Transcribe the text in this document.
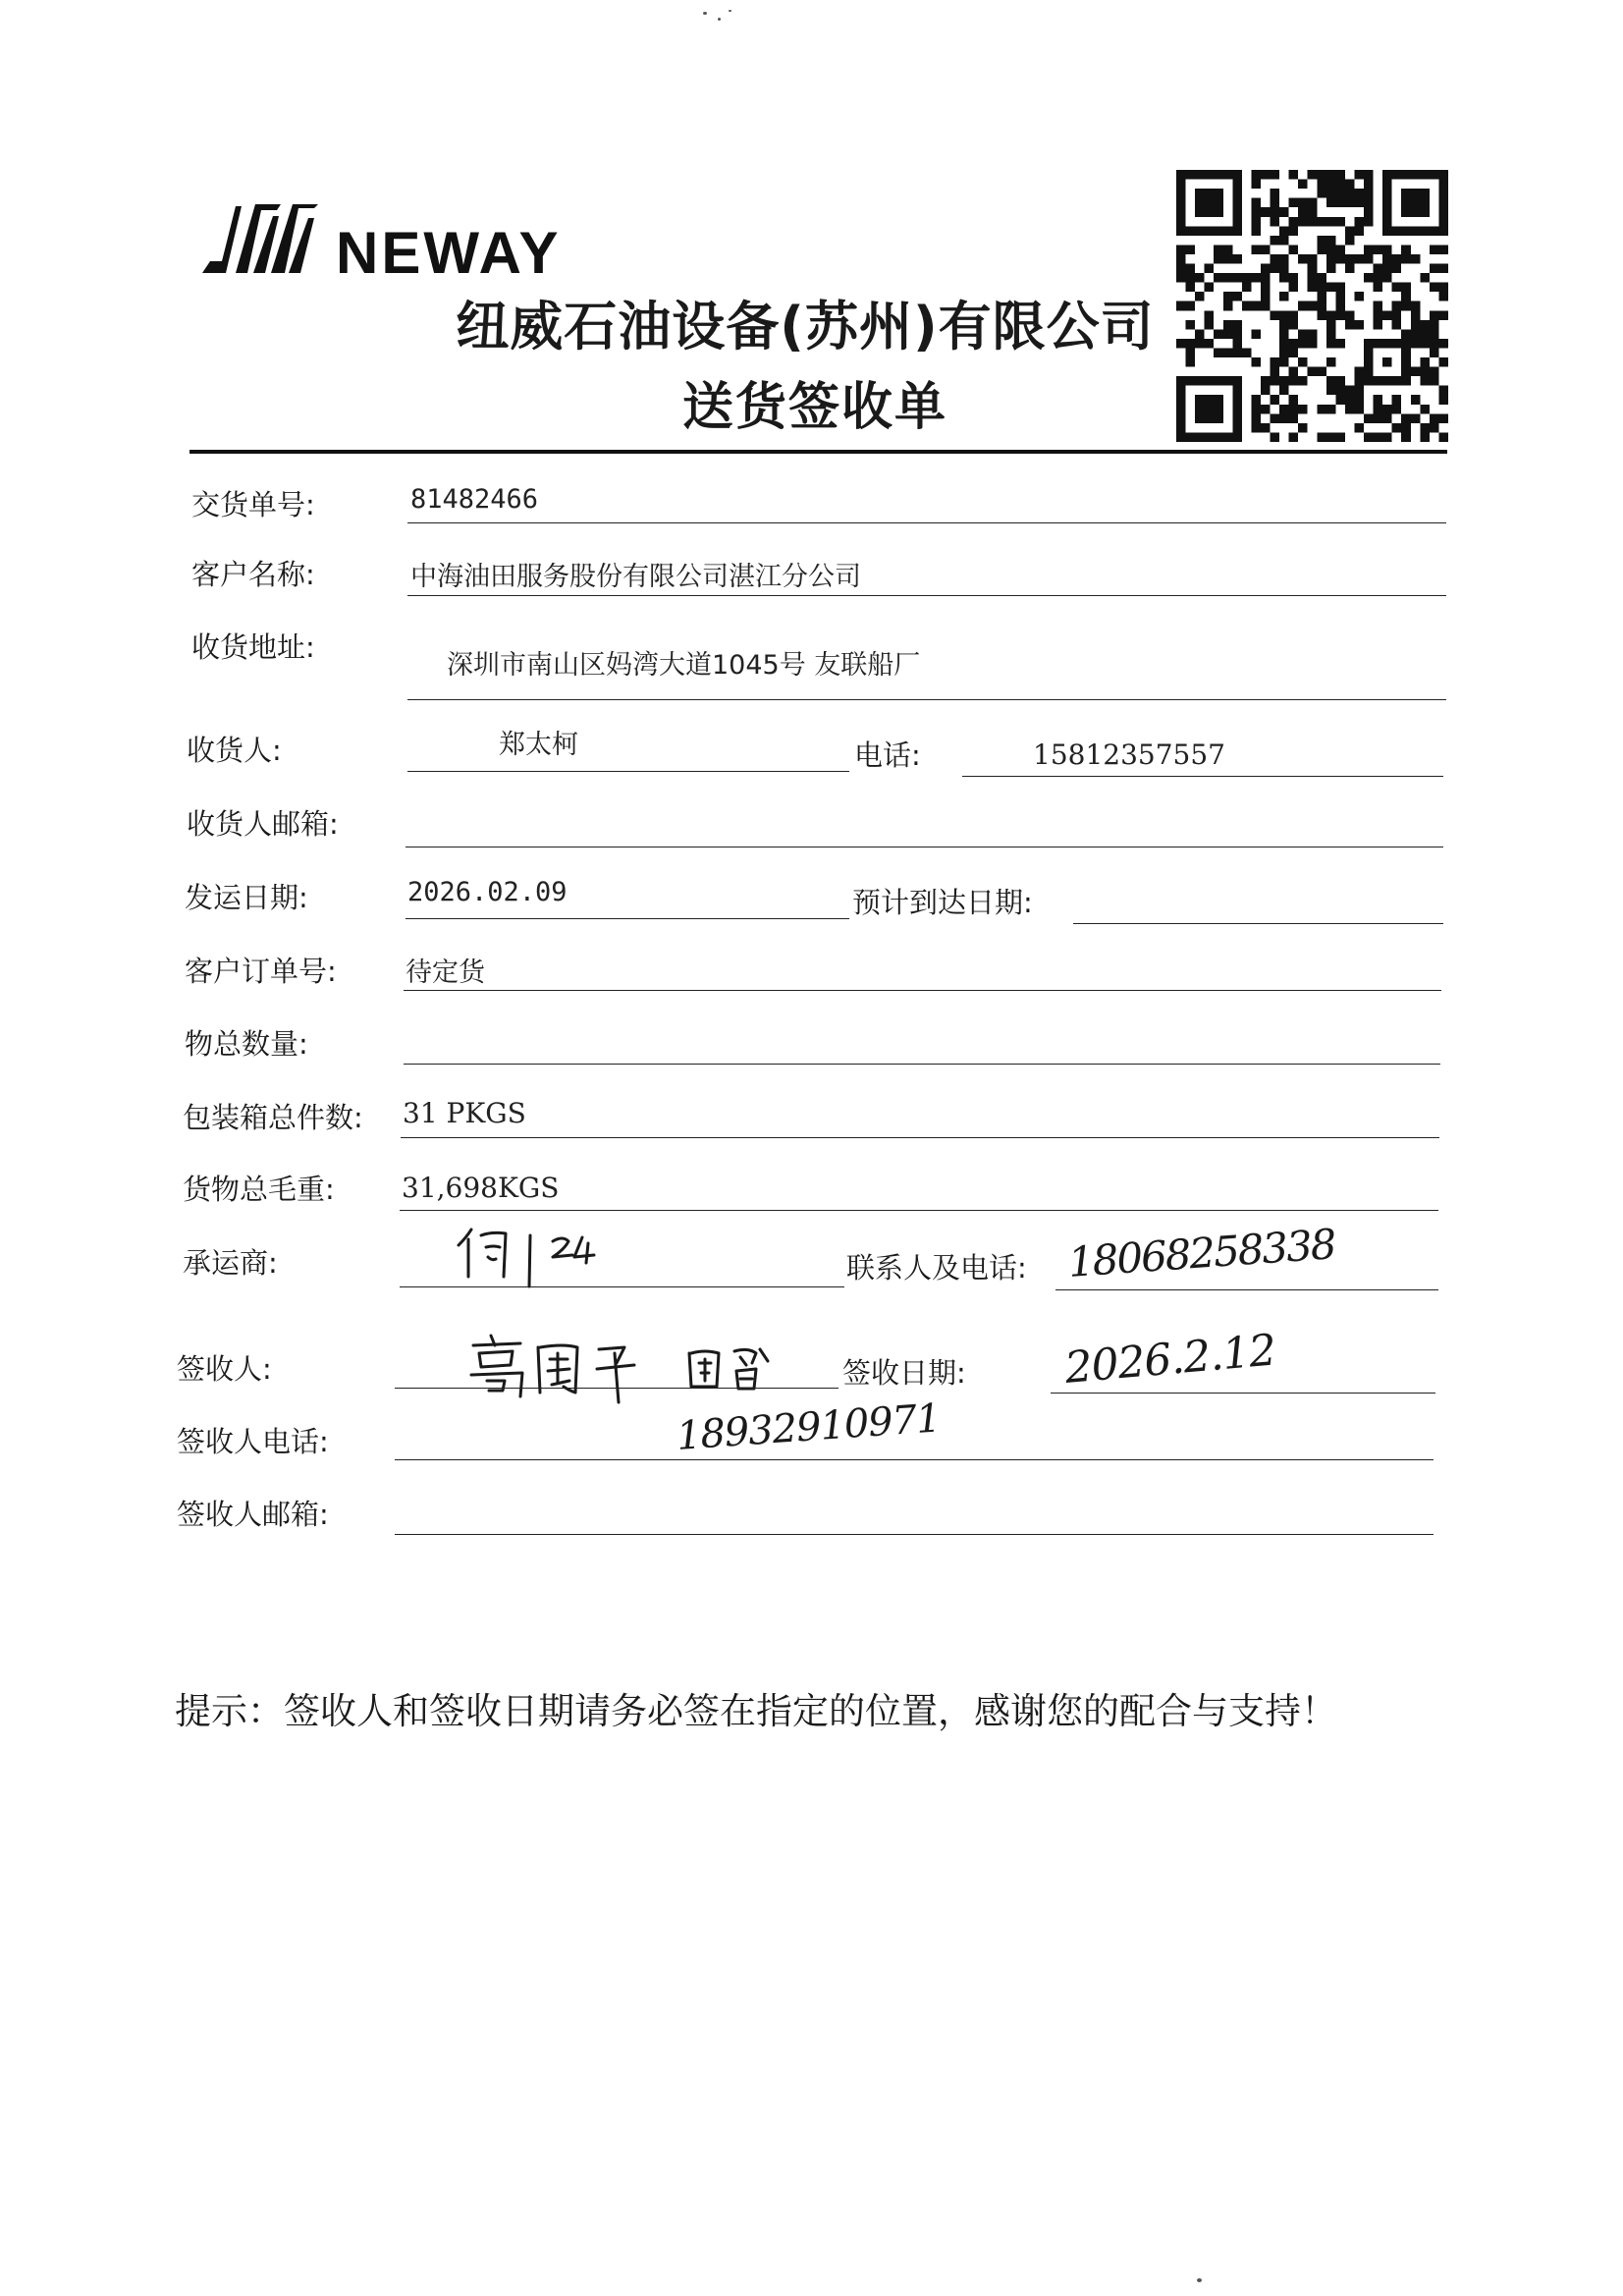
NEWAY
纽威石油设备(苏州)有限公司
送货签收单
交货单号:	81482466
客户名称:	中海油田服务股份有限公司湛江分公司
收货地址:
深圳市南山区妈湾大道1045号 友联船厂
收货人:	郑太柯	电话:	15812357557
收货人邮箱:
发运日期:	2026.02.09	预计到达日期:
客户订单号:	待定货
物总数量:
包装箱总件数: 31 PKGS
货物总毛重: 31,698KGS
承运商:	联系人及电话: 18068258338
签收人:	签收日期: 2026.2.12
签收人电话:	18932910971
签收人邮箱:
提示：签收人和签收日期请务必签在指定的位置，感谢您的配合与支持！
